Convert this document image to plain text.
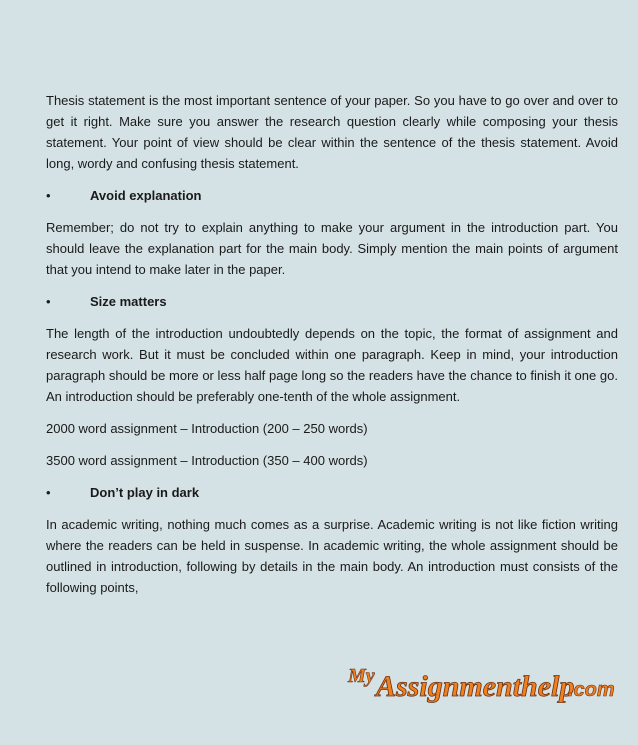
Thesis statement is the most important sentence of your paper. So you have to go over and over to get it right. Make sure you answer the research question clearly while composing your thesis statement. Your point of view should be clear within the sentence of the thesis statement. Avoid long, wordy and confusing thesis statement.

•	Avoid explanation

Remember; do not try to explain anything to make your argument in the introduction part. You should leave the explanation part for the main body. Simply mention the main points of argument that you intend to make later in the paper.

•	Size matters

The length of the introduction undoubtedly depends on the topic, the format of assignment and research work. But it must be concluded within one paragraph. Keep in mind, your introduction paragraph should be more or less half page long so the readers have the chance to finish it one go. An introduction should be preferably one-tenth of the whole assignment.

2000 word assignment – Introduction (200 – 250 words)

3500 word assignment – Introduction (350 – 400 words)

•	Don’t play in dark

In academic writing, nothing much comes as a surprise. Academic writing is not like fiction writing where the readers can be held in suspense. In academic writing, the whole assignment should be outlined in introduction, following by details in the main body. An introduction must consists of the following points,

My Assignmenthelp
.com
